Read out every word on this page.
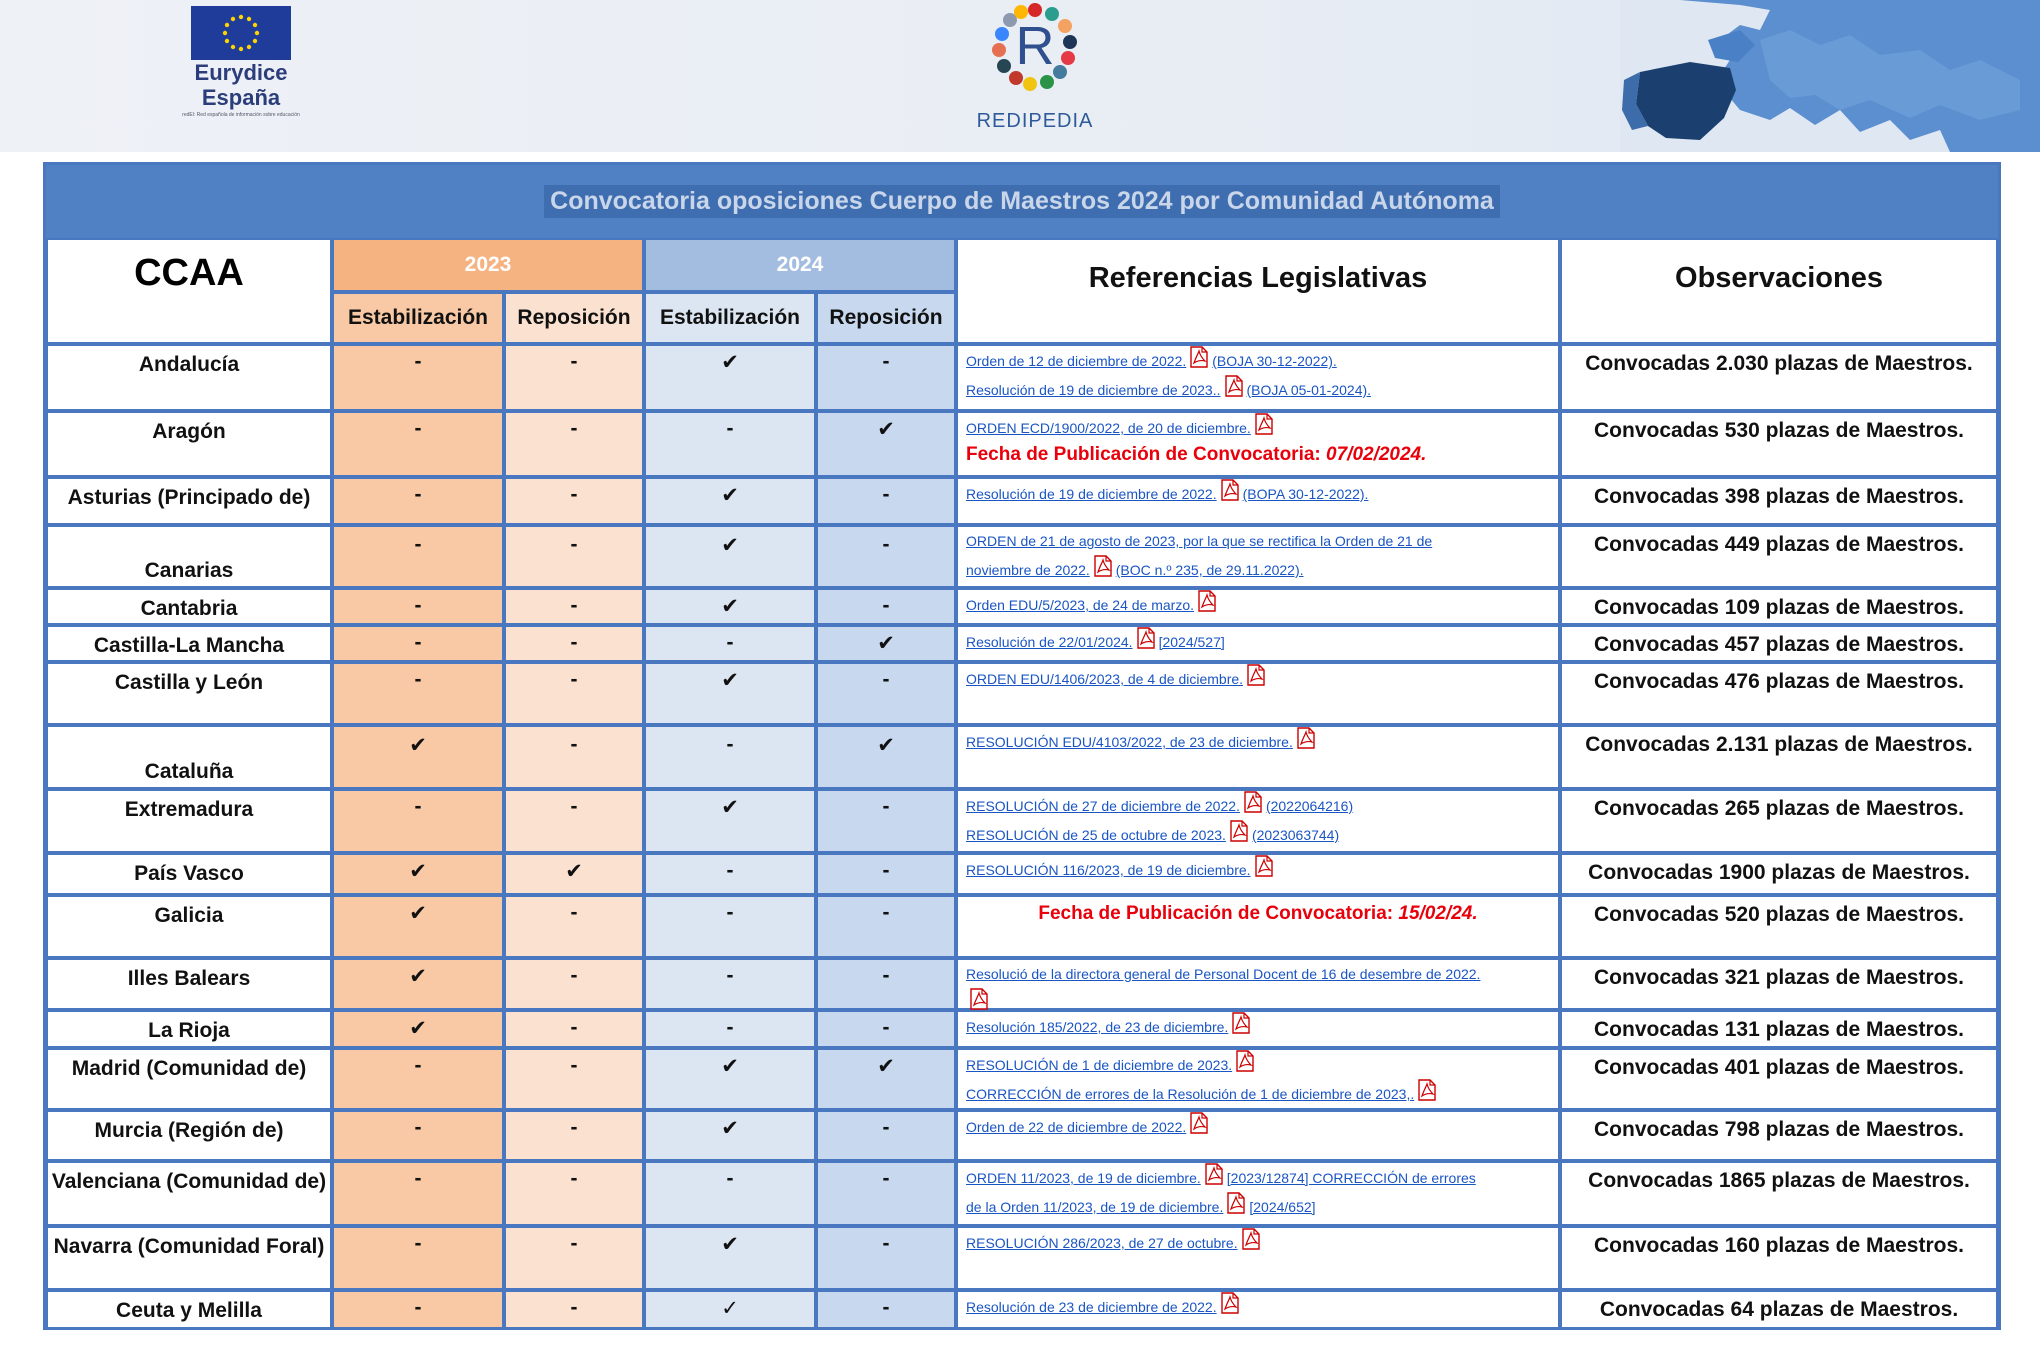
Eurydice
España
redEl: Red española de información sobre educación
R
REDIPEDIA
Convocatoria oposiciones Cuerpo de Maestros 2024 por Comunidad Autónoma
CCAA	2023	2024
Estabilización	Reposición	Estabilización	Reposición
Referencias Legislativas	Observaciones
Andalucía	-	-	✔	-	Orden de 12 de diciembre de 2022. (BOJA 30-12-2022).
Resolución de 19 de diciembre de 2023.. (BOJA 05-01-2024).
Convocadas 2.030 plazas de Maestros.
Aragón	-	-	-	✔	ORDEN ECD/1900/2022, de 20 de diciembre.
Fecha de Publicación de Convocatoria: 07/02/2024.
Convocadas 530 plazas de Maestros.
Asturias (Principado de)	-	-	✔	-	Resolución de 19 de diciembre de 2022. (BOPA 30-12-2022).	Convocadas 398 plazas de Maestros.
Canarias
-	-	✔	-	ORDEN de 21 de agosto de 2023, por la que se rectifica la Orden de 21 de
noviembre de 2022. (BOC n.º 235, de 29.11.2022).
Convocadas 449 plazas de Maestros.
Cantabria	-	-	✔	-	Orden EDU/5/2023, de 24 de marzo.	Convocadas 109 plazas de Maestros.
Castilla-La Mancha	-	-	-	✔	Resolución de 22/01/2024. [2024/527]	Convocadas 457 plazas de Maestros.
Castilla y León	-	-	✔	-	ORDEN EDU/1406/2023, de 4 de diciembre.	Convocadas 476 plazas de Maestros.
Cataluña
✔	-	-	✔	RESOLUCIÓN EDU/4103/2022, de 23 de diciembre.	Convocadas 2.131 plazas de Maestros.
Extremadura	-	-	✔	-	RESOLUCIÓN de 27 de diciembre de 2022. (2022064216)
RESOLUCIÓN de 25 de octubre de 2023. (2023063744)
Convocadas 265 plazas de Maestros.
País Vasco	✔	✔	-	-	RESOLUCIÓN 116/2023, de 19 de diciembre.	Convocadas 1900 plazas de Maestros.
Galicia	✔	-	-	-	Fecha de Publicación de Convocatoria: 15/02/24.	Convocadas 520 plazas de Maestros.
Illes Balears	✔	-	-	-	Resolució de la directora general de Personal Docent de 16 de desembre de 2022.	Convocadas 321 plazas de Maestros.
La Rioja	✔	-	-	-	Resolución 185/2022, de 23 de diciembre.	Convocadas 131 plazas de Maestros.
Madrid (Comunidad de)	-	-	✔	✔	RESOLUCIÓN de 1 de diciembre de 2023.
CORRECCIÓN de errores de la Resolución de 1 de diciembre de 2023,.
Convocadas 401 plazas de Maestros.
Murcia (Región de)	-	-	✔	-	Orden de 22 de diciembre de 2022.	Convocadas 798 plazas de Maestros.
Valenciana (Comunidad de)	-	-	-	-	ORDEN 11/2023, de 19 de diciembre. [2023/12874] CORRECCIÓN de errores
de la Orden 11/2023, de 19 de diciembre. [2024/652]
Convocadas 1865 plazas de Maestros.
Navarra (Comunidad Foral)	-	-	✔	-	RESOLUCIÓN 286/2023, de 27 de octubre.	Convocadas 160 plazas de Maestros.
Ceuta y Melilla	-	-	✓	-	Resolución de 23 de diciembre de 2022.	Convocadas 64 plazas de Maestros.
